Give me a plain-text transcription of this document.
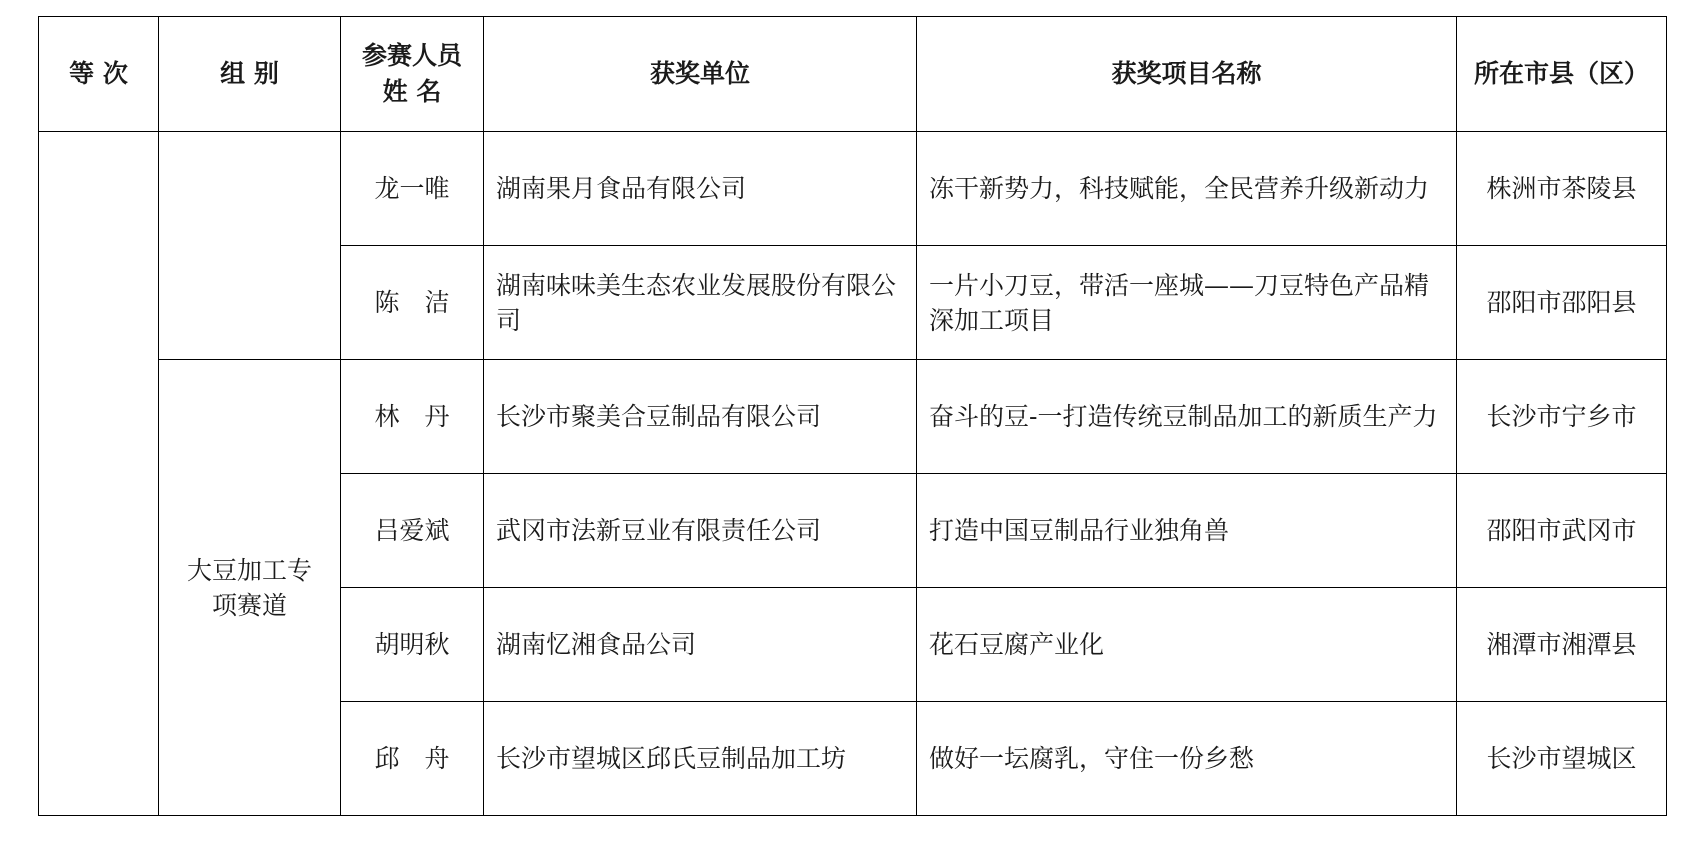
等 次	组 别	参赛人员
姓 名	获奖单位	获奖项目名称	所在市县（区）
		龙一唯	湖南果月食品有限公司	冻干新势力，科技赋能，全民营养升级新动力	株洲市茶陵县
		陈　洁	湖南味味美生态农业发展股份有限公司	一片小刀豆，带活一座城——刀豆特色产品精深加工项目	邵阳市邵阳县
	大豆加工专项赛道	林　丹	长沙市聚美合豆制品有限公司	奋斗的豆-一打造传统豆制品加工的新质生产力	长沙市宁乡市
		吕爱斌	武冈市法新豆业有限责任公司	打造中国豆制品行业独角兽	邵阳市武冈市
		胡明秋	湖南忆湘食品公司	花石豆腐产业化	湘潭市湘潭县
		邱　舟	长沙市望城区邱氏豆制品加工坊	做好一坛腐乳，守住一份乡愁	长沙市望城区
